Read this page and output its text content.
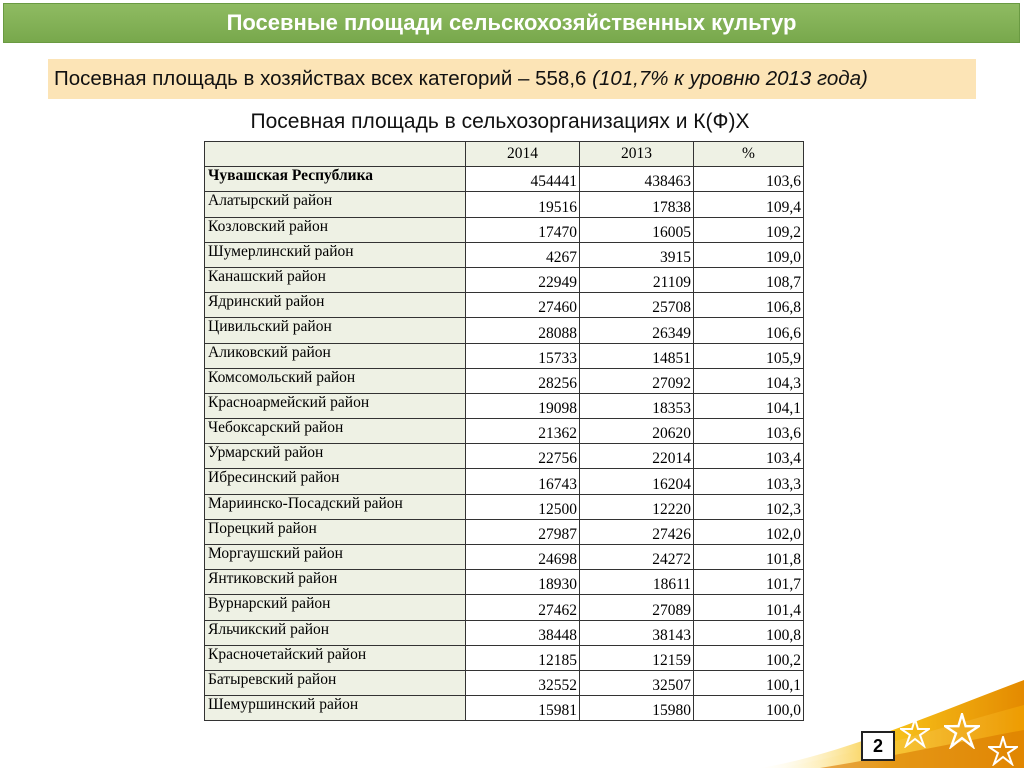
Посевные площади сельскохозяйственных культур
Посевная площадь в хозяйствах всех категорий – 558,6 (101,7% к уровню 2013 года)
Посевная площадь в сельхозорганизациях и К(Ф)Х
	2014	2013	%
Чувашская Республика	454441	438463	103,6
Алатырский район	19516	17838	109,4
Козловский район	17470	16005	109,2
Шумерлинский район	4267	3915	109,0
Канашский район	22949	21109	108,7
Ядринский район	27460	25708	106,8
Цивильский район	28088	26349	106,6
Аликовский район	15733	14851	105,9
Комсомольский район	28256	27092	104,3
Красноармейский район	19098	18353	104,1
Чебоксарский район	21362	20620	103,6
Урмарский район	22756	22014	103,4
Ибресинский район	16743	16204	103,3
Мариинско-Посадский район	12500	12220	102,3
Порецкий район	27987	27426	102,0
Моргаушский район	24698	24272	101,8
Янтиковский район	18930	18611	101,7
Вурнарский район	27462	27089	101,4
Яльчикский район	38448	38143	100,8
Красночетайский район	12185	12159	100,2
Батыревский район	32552	32507	100,1
Шемуршинский район	15981	15980	100,0
2
